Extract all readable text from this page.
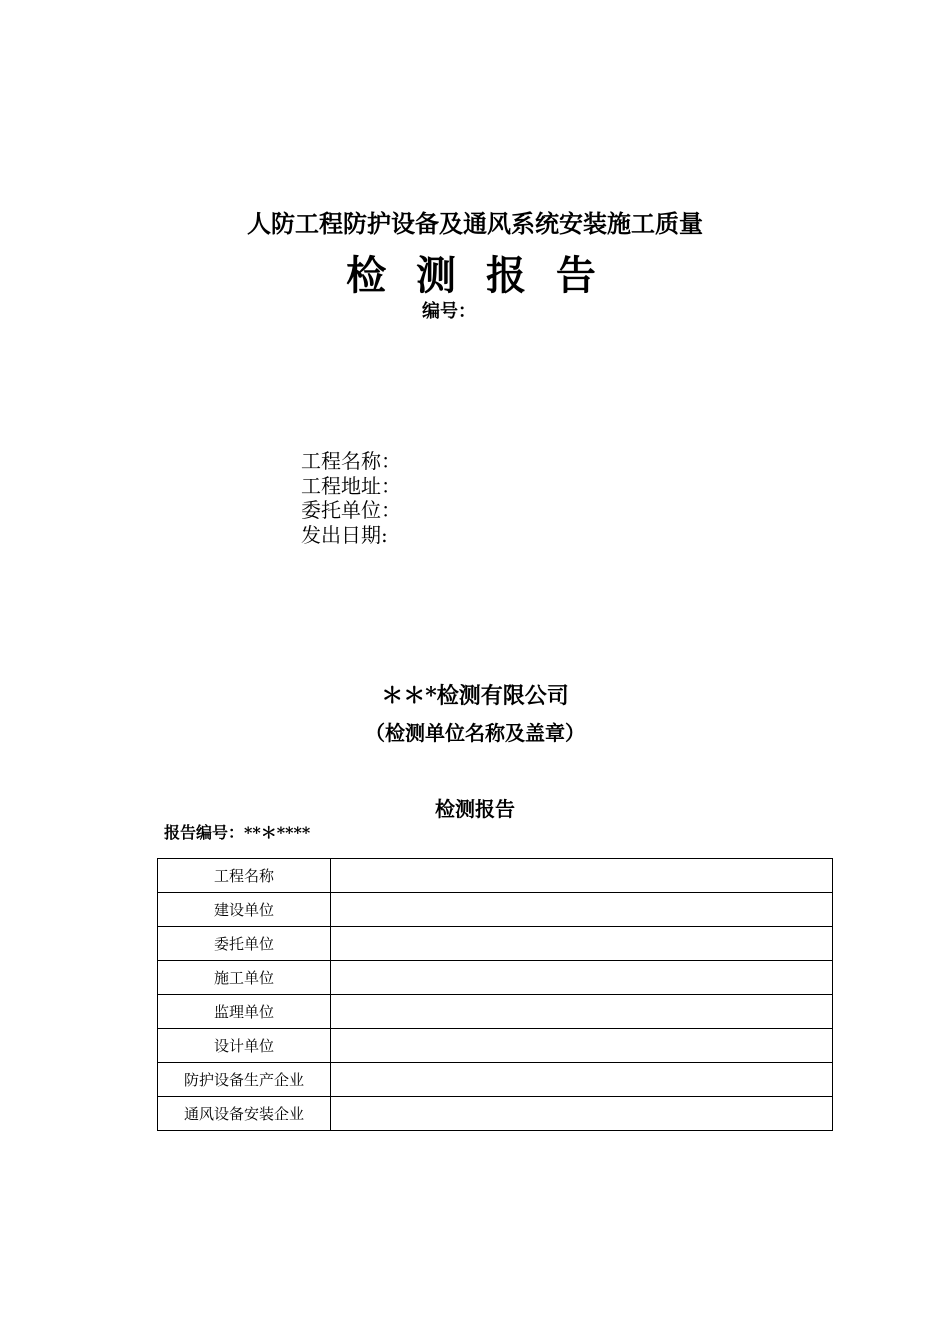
人防工程防护设备及通风系统安装施工质量
检 测 报 告
编号：
工程名称：
工程地址：
委托单位：
发出日期:
＊＊*检测有限公司
（检测单位名称及盖章）
检测报告
报告编号：**＊****
工程名称	
建设单位	
委托单位	
施工单位	
监理单位	
设计单位	
防护设备生产企业	
通风设备安装企业	
